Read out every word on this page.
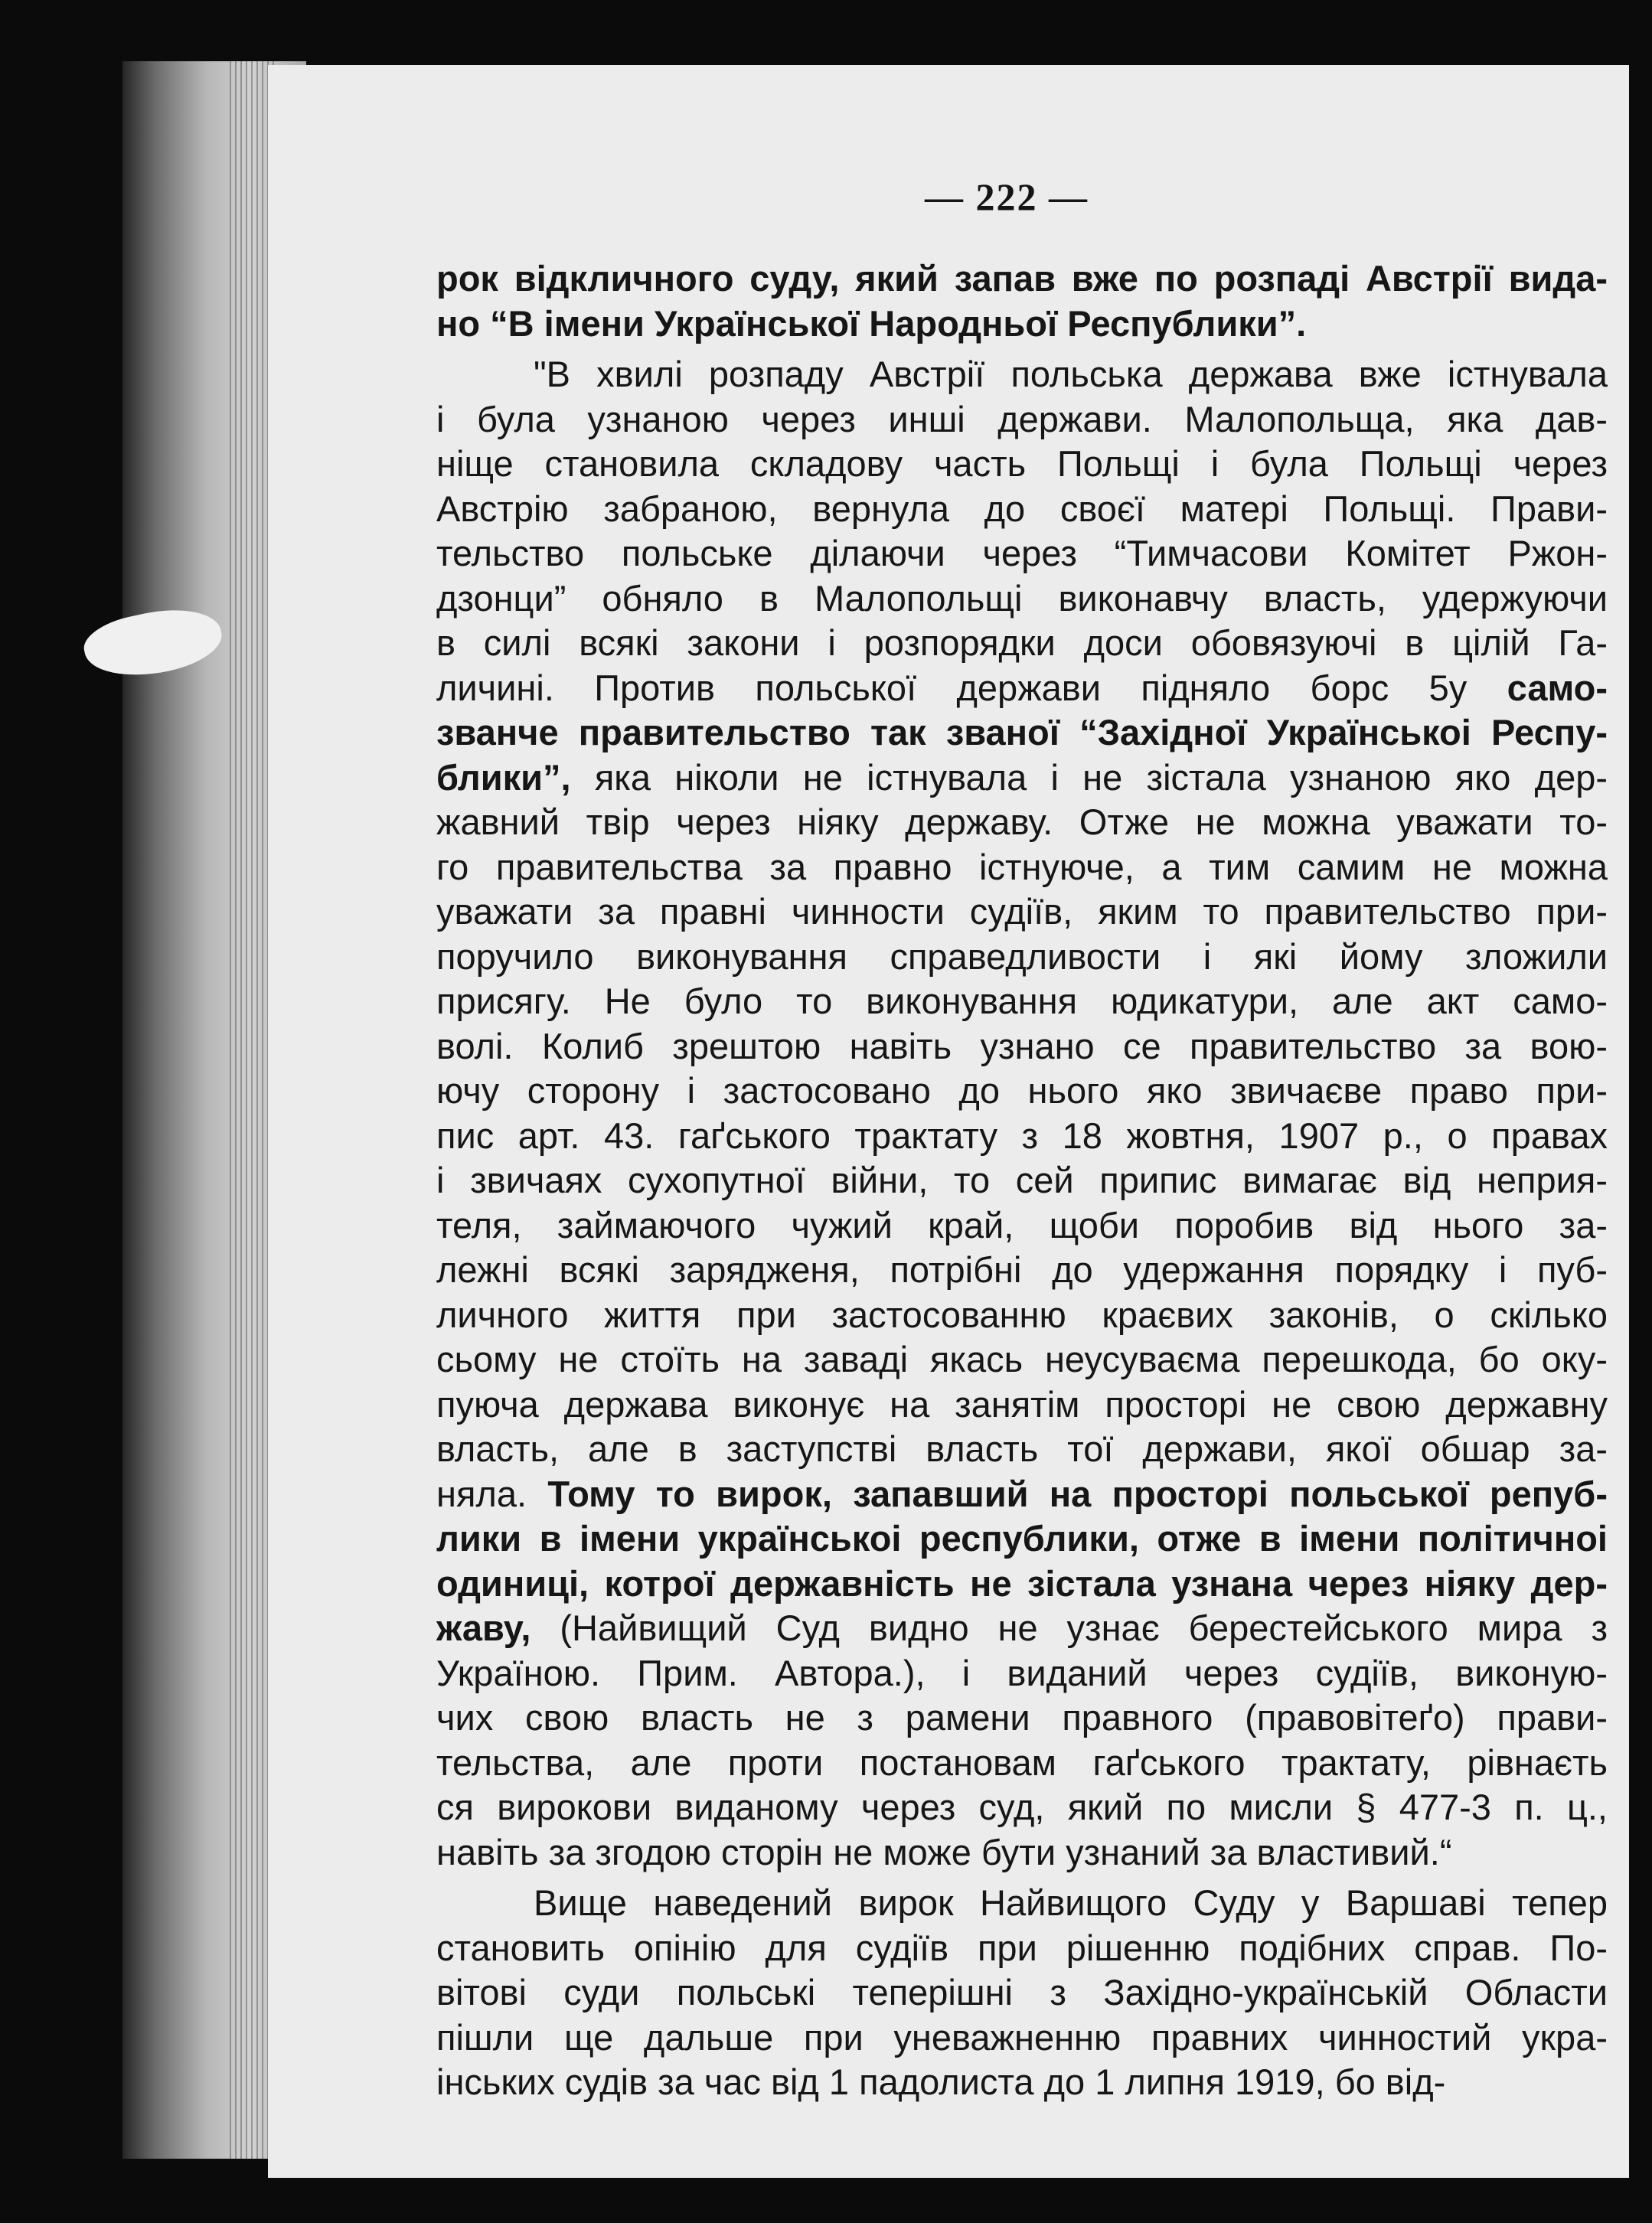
— 222 —
рок відкличного суду, який запав вже по розпаді Австрії вида-
но “В імени Української Народньої Республики”.
"В хвилі розпаду Австрії польська держава вже істнувала
і була узнаною через инші держави. Малопольща, яка дав-
ніще становила складову часть Польщі і була Польщі через
Австрію забраною, вернула до своєї матері Польщі. Прави-
тельство польське ділаючи через “Тимчасови Комітет Ржон-
дзонци” обняло в Малопольщі виконавчу власть, удержуючи
в силі всякі закони і розпорядки доси обовязуючі в цілій Га-
личині. Против польської держави підняло борс 5у само-
званче правительство так званої “Західної Українськоі Респу-
блики”, яка ніколи не істнувала і не зістала узнаною яко дер-
жавний твір через ніяку державу. Отже не можна уважати то-
го правительства за правно істнуюче, а тим самим не можна
уважати за правні чинности судіїв, яким то правительство при-
поручило виконування справедливости і які йому зложили
присягу. Не було то виконування юдикатури, але акт само-
волі. Колиб зрештою навіть узнано се правительство за вою-
ючу сторону і застосовано до нього яко звичаєве право при-
пис арт. 43. гаґського трактату з 18 жовтня, 1907 р., о правах
і звичаях сухопутної війни, то сей припис вимагає від неприя-
теля, займаючого чужий край, щоби поробив від нього за-
лежні всякі зарядженя, потрібні до удержання порядку і пуб-
личного життя при застосованню краєвих законів, о скілько
сьому не стоїть на заваді якась неусуваєма перешкода, бо оку-
пуюча держава виконує на занятім просторі не свою державну
власть, але в заступстві власть тої держави, якої обшар за-
няла. Тому то вирок, запавший на просторі польської репуб-
лики в імени українськоі республики, отже в імени політичноі
одиниці, котрої державність не зістала узнана через ніяку дер-
жаву, (Найвищий Суд видно не узнає берестейського мира з
Україною. Прим. Автора.), і виданий через судіїв, виконую-
чих свою власть не з рамени правного (правовітеґо) прави-
тельства, але проти постановам гаґського трактату, рівнаєть
ся вирокови виданому через суд, який по мисли § 477-3 п. ц.,
навіть за згодою сторін не може бути узнаний за властивий.“
Вище наведений вирок Найвищого Суду у Варшаві тепер
становить опінію для судіїв при рішенню подібних справ. По-
вітові суди польські теперішні з Західно-українській Области
пішли ще дальше при уневажненню правних чинностий укра-
інських судів за час від 1 падолиста до 1 липня 1919, бо від-
